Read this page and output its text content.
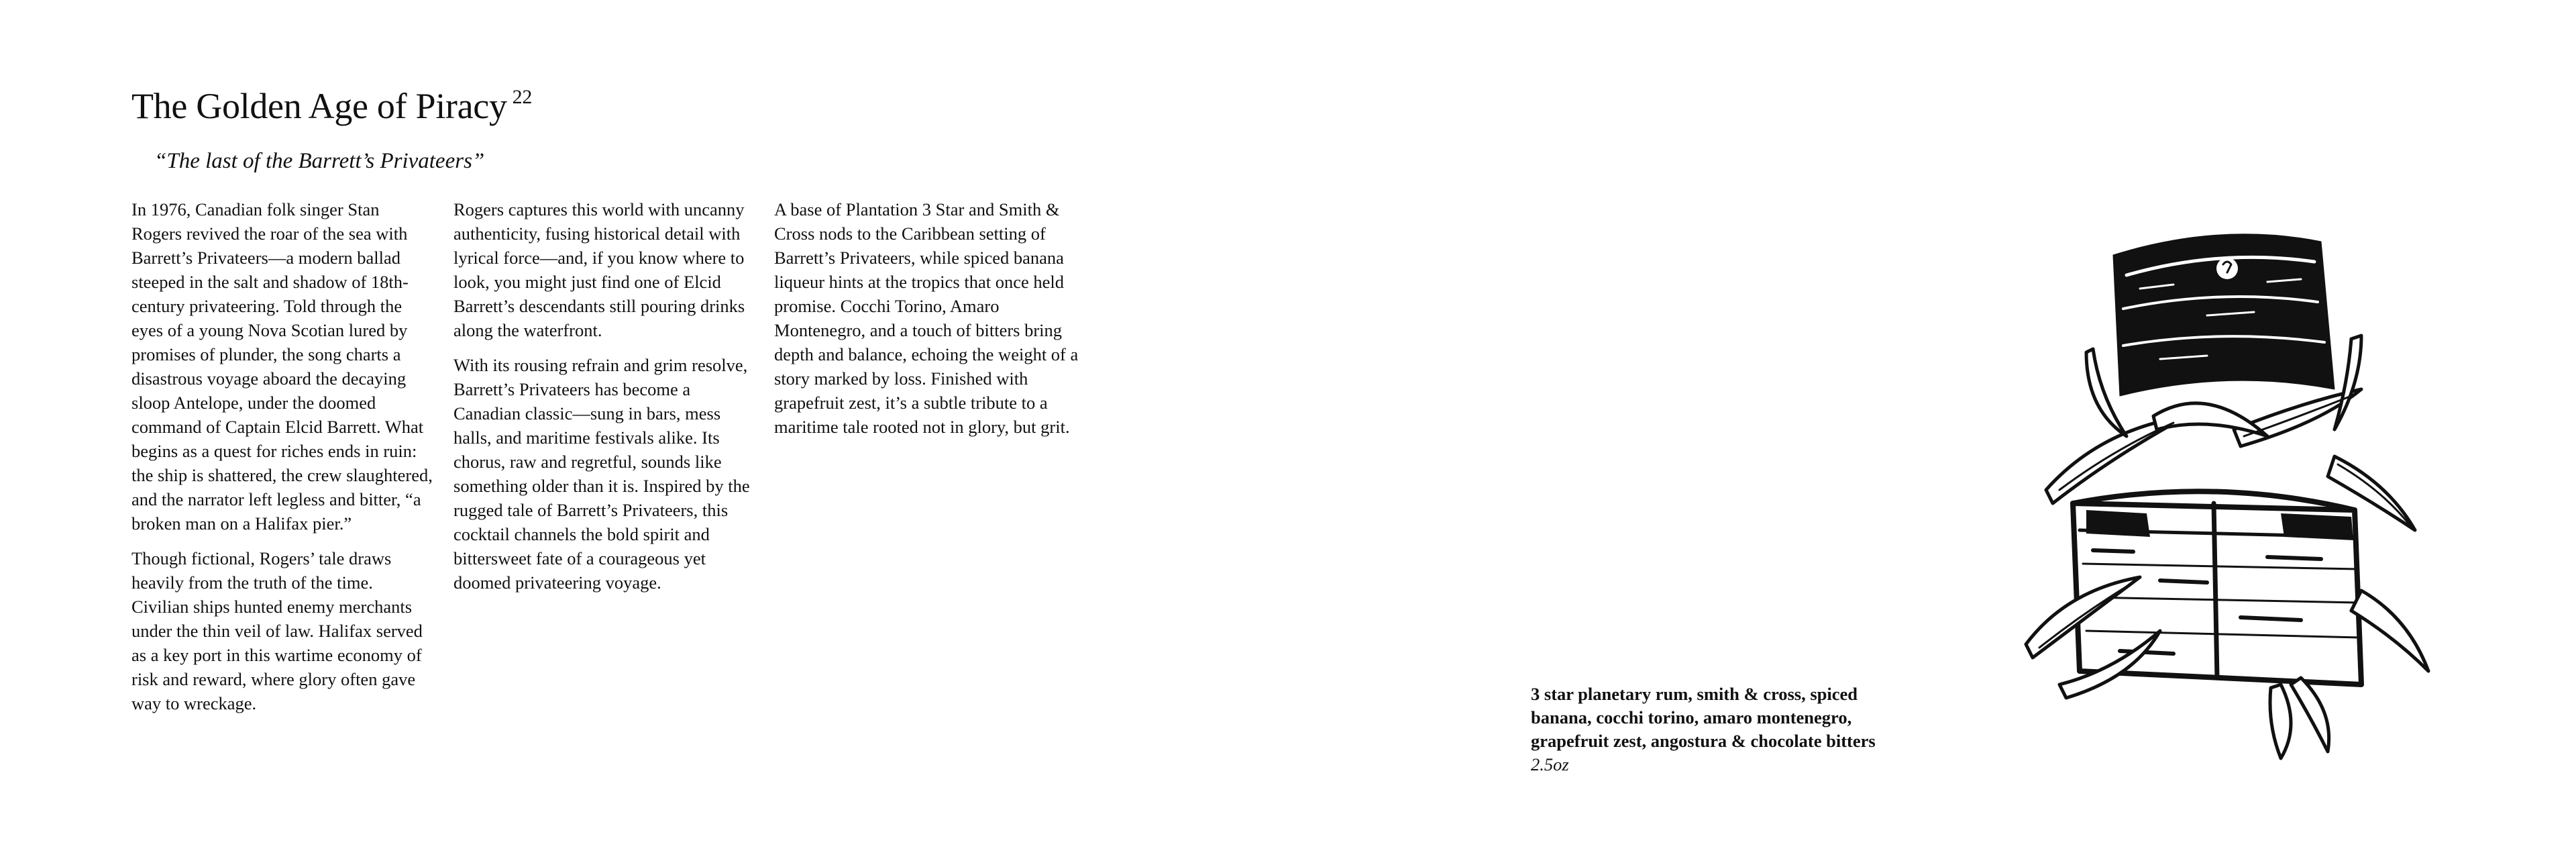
The Golden Age of Piracy $^{22}$

“The last of the Barrett’s Privateers”

In 1976, Canadian folk singer Stan Rogers revived the roar of the sea with Barrett’s Privateers—a modern ballad steeped in the salt and shadow of 18th-century privateering. Told through the eyes of a young Nova Scotian lured by promises of plunder, the song charts a disastrous voyage aboard the decaying sloop Antelope, under the doomed command of Captain Elcid Barrett. What begins as a quest for riches ends in ruin: the ship is shattered, the crew slaughtered, and the narrator left legless and bitter, “a broken man on a Halifax pier.”

Though fictional, Rogers’ tale draws heavily from the truth of the time. Civilian ships hunted enemy merchants under the thin veil of law. Halifax served as a key port in this wartime economy of risk and reward, where glory often gave way to wreckage.

Rogers captures this world with uncanny authenticity, fusing historical detail with lyrical force—and, if you know where to look, you might just find one of Elcid Barrett’s descendants still pouring drinks along the waterfront.

With its rousing refrain and grim resolve, Barrett’s Privateers has become a Canadian classic—sung in bars, mess halls, and maritime festivals alike. Its chorus, raw and regretful, sounds like something older than it is. Inspired by the rugged tale of Barrett’s Privateers, this cocktail channels the bold spirit and bittersweet fate of a courageous yet doomed privateering voyage.

A base of Plantation 3 Star and Smith & Cross nods to the Caribbean setting of Barrett’s Privateers, while spiced banana liqueur hints at the tropics that once held promise. Cocchi Torino, Amaro Montenegro, and a touch of bitters bring depth and balance, echoing the weight of a story marked by loss. Finished with grapefruit zest, it’s a subtle tribute to a maritime tale rooted not in glory, but grit.

3 star planetary rum, smith & cross, spiced banana, cocchi torino, amaro montenegro, grapefruit zest, angostura & chocolate bitters 2.5oz
